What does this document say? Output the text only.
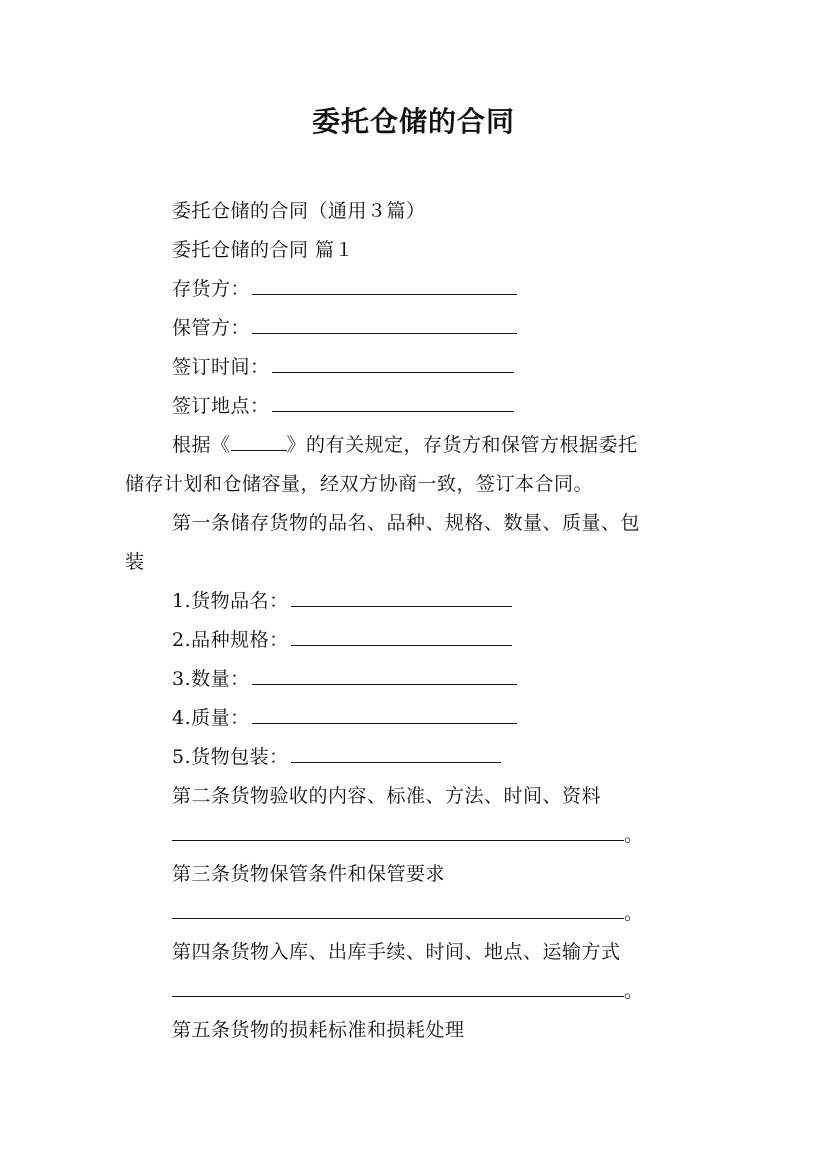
委托仓储的合同
委托仓储的合同（通用３篇）
委托仓储的合同 篇１
存货方：
保管方：
签订时间：
签订地点：
根据《	》的有关规定，存货方和保管方根据委托
储存计划和仓储容量，经双方协商一致，签订本合同。
第一条储存货物的品名、品种、规格、数量、质量、包
装
1.货物品名：
2.品种规格：
3.数量：
4.质量：
5.货物包装：
第二条货物验收的内容、标准、方法、时间、资料
。
第三条货物保管条件和保管要求
。
第四条货物入库、出库手续、时间、地点、运输方式
。
第五条货物的损耗标准和损耗处理
